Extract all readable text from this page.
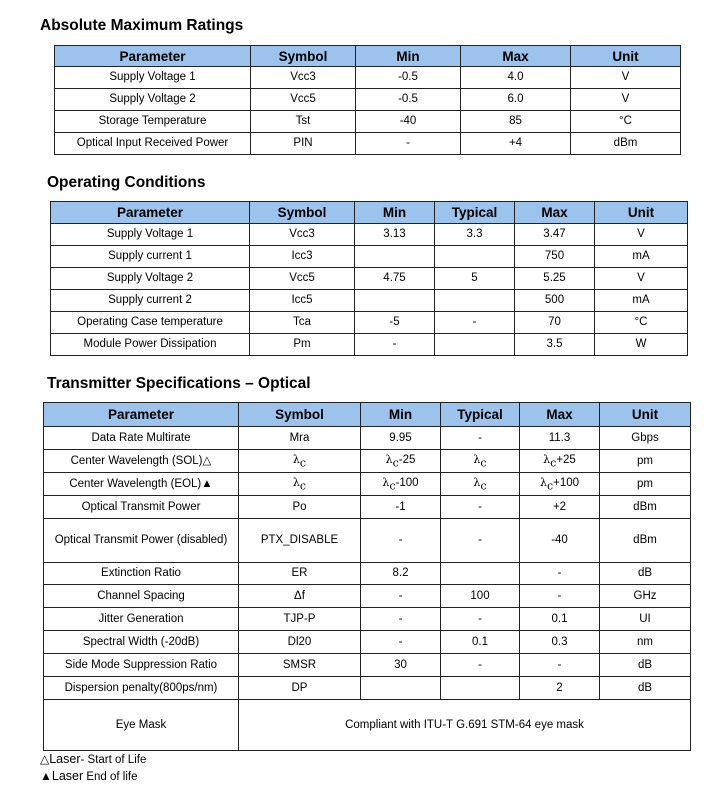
Absolute Maximum Ratings
Parameter	Symbol	Min	Max	Unit
Supply Voltage 1	Vcc3	-0.5	4.0	V
Supply Voltage 2	Vcc5	-0.5	6.0	V
Storage Temperature	Tst	-40	85	°C
Optical Input Received Power	PIN	-	+4	dBm
Operating Conditions
Parameter	Symbol	Min	Typical	Max	Unit
Supply Voltage 1	Vcc3	3.13	3.3	3.47	V
Supply current 1	Icc3			750	mA
Supply Voltage 2	Vcc5	4.75	5	5.25	V
Supply current 2	Icc5			500	mA
Operating Case temperature	Tca	-5	-	70	°C
Module Power Dissipation	Pm	-		3.5	W
Transmitter Specifications – Optical
Parameter	Symbol	Min	Typical	Max	Unit
Data Rate Multirate	Mra	9.95	-	11.3	Gbps
Center Wavelength (SOL)△	$\lambda_c$	$\lambda_c-25$	$\lambda_c$	$\lambda_c+25$	pm
Center Wavelength (EOL)▲	$\lambda_c$	$\lambda_c-100$	$\lambda_c$	$\lambda_c+100$	pm
Optical Transmit Power	Po	-1	-	+2	dBm
Optical Transmit Power (disabled)	PTX_DISABLE	-	-	-40	dBm
Extinction Ratio	ER	8.2		-	dB
Channel Spacing	Δf	-	100	-	GHz
Jitter Generation	TJP-P	-	-	0.1	UI
Spectral Width (-20dB)	Dl20	-	0.1	0.3	nm
Side Mode Suppression Ratio	SMSR	30	-	-	dB
Dispersion penalty(800ps/nm)	DP			2	dB
Eye Mask	Compliant with ITU-T G.691 STM-64 eye mask				
△Laser- Start of Life
▲Laser End of life
